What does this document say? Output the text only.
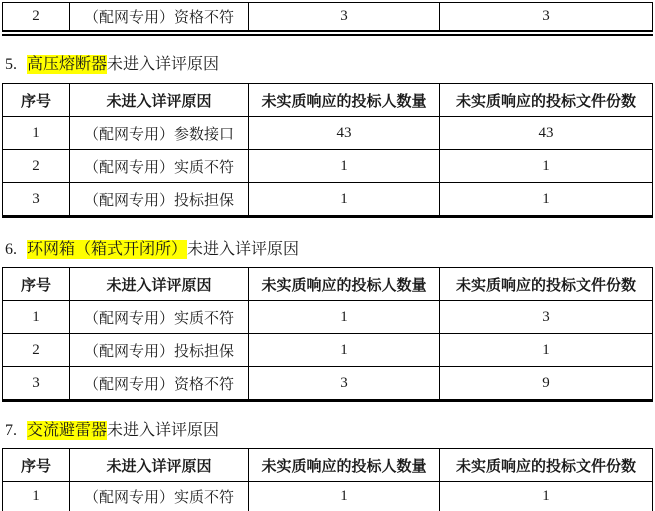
2	（配网专用）资格不符	3	3
5. 高压熔断器未进入详评原因
序号	未进入详评原因	未实质响应的投标人数量	未实质响应的投标文件份数
1	（配网专用）参数接口	43	43
2	（配网专用）实质不符	1	1
3	（配网专用）投标担保	1	1
6. 环网箱（箱式开闭所）未进入详评原因
序号	未进入详评原因	未实质响应的投标人数量	未实质响应的投标文件份数
1	（配网专用）实质不符	1	3
2	（配网专用）投标担保	1	1
3	（配网专用）资格不符	3	9
7. 交流避雷器未进入详评原因
序号	未进入详评原因	未实质响应的投标人数量	未实质响应的投标文件份数
1	（配网专用）实质不符	1	1
